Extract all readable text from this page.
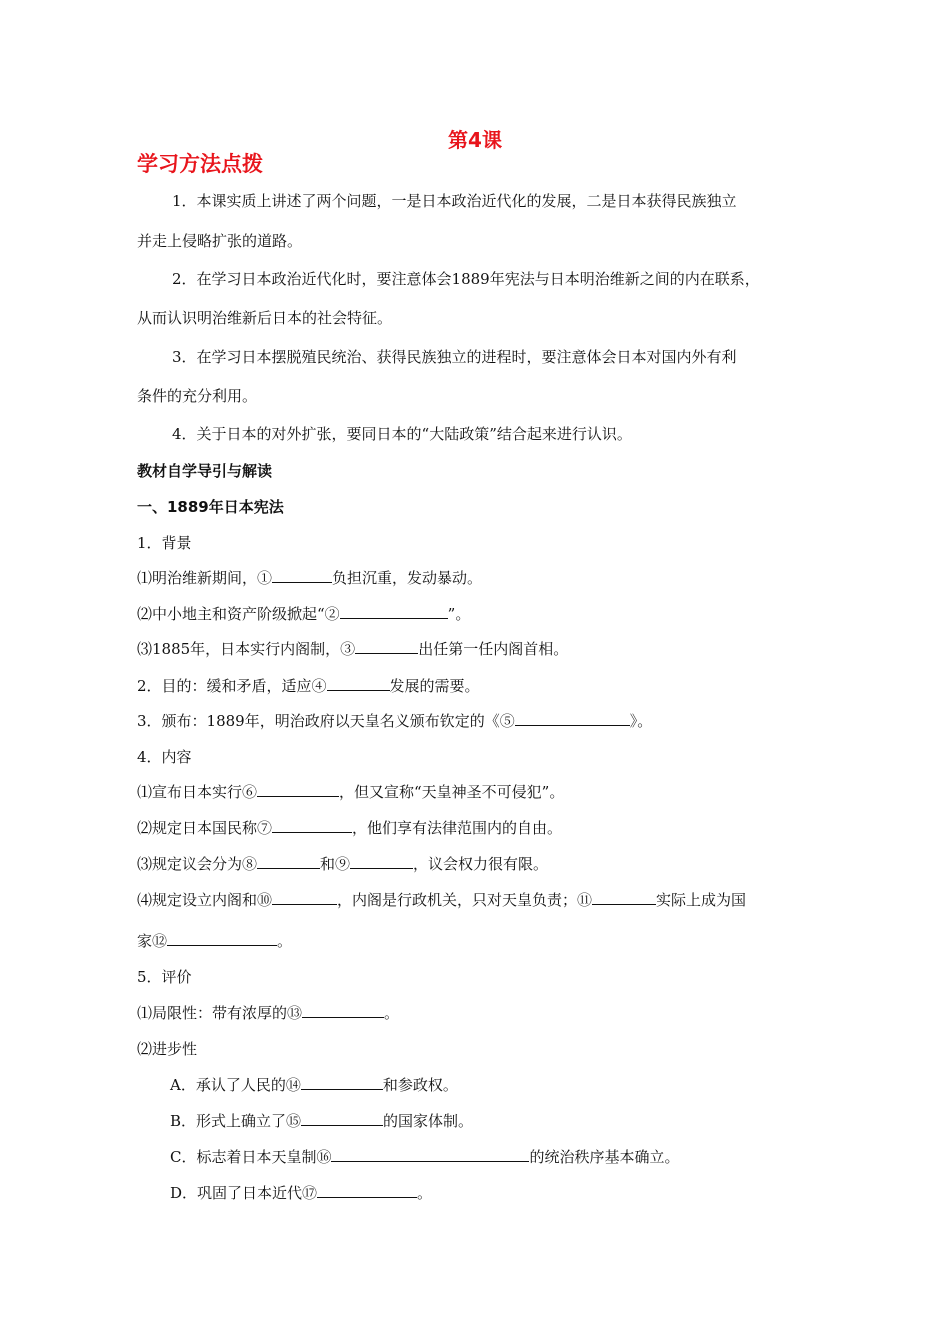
第4课
学习方法点拨
1．本课实质上讲述了两个问题，一是日本政治近代化的发展，二是日本获得民族独立
并走上侵略扩张的道路。
2．在学习日本政治近代化时，要注意体会1889年宪法与日本明治维新之间的内在联系，
从而认识明治维新后日本的社会特征。
3．在学习日本摆脱殖民统治、获得民族独立的进程时，要注意体会日本对国内外有利
条件的充分利用。
4．关于日本的对外扩张，要同日本的“大陆政策”结合起来进行认识。
教材自学导引与解读
一、1889年日本宪法
1．背景
⑴明治维新期间，①	负担沉重，发动暴动。
⑵中小地主和资产阶级掀起“②	”。
⑶1885年，日本实行内阁制，③	出任第一任内阁首相。
2．目的：缓和矛盾，适应④	发展的需要。
3．颁布：1889年，明治政府以天皇名义颁布钦定的《⑤	》。
4．内容
⑴宣布日本实行⑥	，但又宣称“天皇神圣不可侵犯”。
⑵规定日本国民称⑦	，他们享有法律范围内的自由。
⑶规定议会分为⑧	和⑨	，议会权力很有限。
⑷规定设立内阁和⑩	，内阁是行政机关，只对天皇负责；⑪	实际上成为国
家⑫	。
5．评价
⑴局限性：带有浓厚的⑬	。
⑵进步性
A．承认了人民的⑭	和参政权。
B．形式上确立了⑮	的国家体制。
C．标志着日本天皇制⑯	的统治秩序基本确立。
D．巩固了日本近代⑰	。
